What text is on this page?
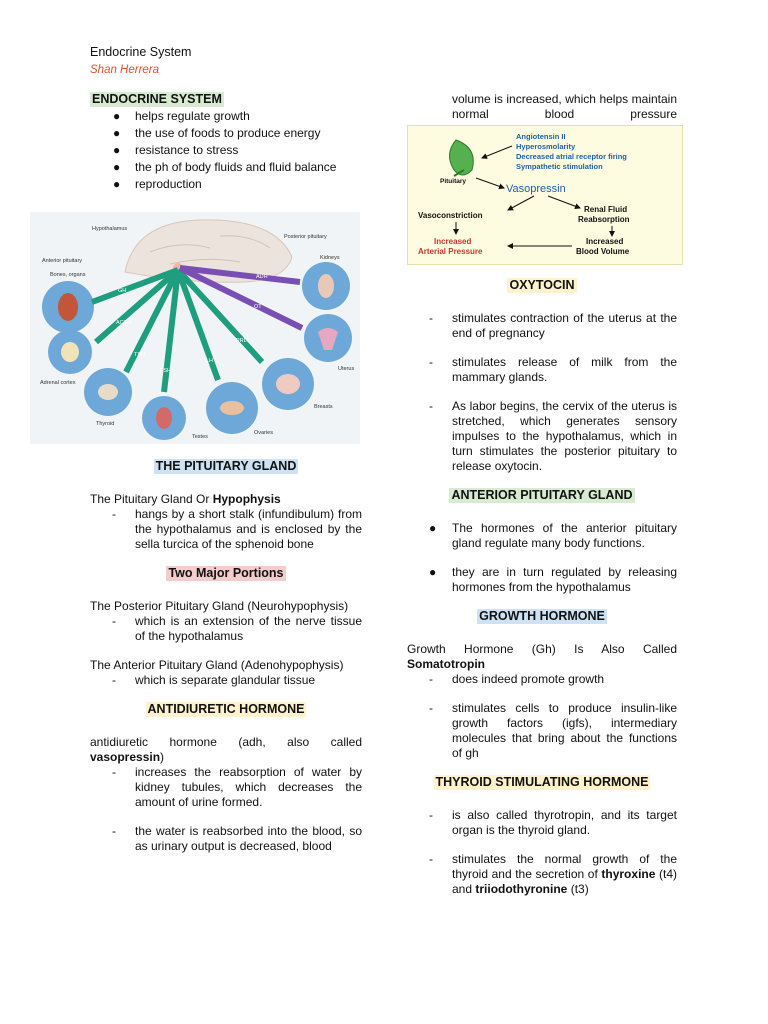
Endocrine System
Shan Herrera
ENDOCRINE SYSTEM
● helps regulate growth
● the use of foods to produce energy
● resistance to stress
● the ph of body fluids and fluid balance
● reproduction
THE PITUITARY GLAND
The Pituitary Gland Or Hypophysis
- hangs by a short stalk (infundibulum) from the hypothalamus and is enclosed by the sella turcica of the sphenoid bone
Two Major Portions
The Posterior Pituitary Gland (Neurohypophysis)
- which is an extension of the nerve tissue of the hypothalamus
The Anterior Pituitary Gland (Adenohypophysis)
- which is separate glandular tissue
ANTIDIURETIC HORMONE
antidiuretic hormone (adh, also called
vasopressin)
- increases the reabsorption of water by kidney tubules, which decreases the amount of urine formed.
- the water is reabsorbed into the blood, so as urinary output is decreased, blood
GH
ACTH
TSH
FSH
LH
PRL
ADH
OT
Hypothalamus
Anterior pituitary
Posterior pituitary
Bones, organs
Kidneys
Adrenal cortex
Uterus
Thyroid
Breasts
Testes
Ovaries
volume is increased, which helps maintain normal blood pressure
OXYTOCIN
- stimulates contraction of the uterus at the end of pregnancy
- stimulates release of milk from the mammary glands.
- As labor begins, the cervix of the uterus is stretched, which generates sensory impulses to the hypothalamus, which in turn stimulates the posterior pituitary to release oxytocin.
ANTERIOR PITUITARY GLAND
● The hormones of the anterior pituitary gland regulate many body functions.
● they are in turn regulated by releasing hormones from the hypothalamus
GROWTH HORMONE
Growth Hormone (Gh) Is Also Called
Somatotropin
- does indeed promote growth
- stimulates cells to produce insulin-like growth factors (igfs), intermediary molecules that bring about the functions of gh
THYROID STIMULATING HORMONE
- is also called thyrotropin, and its target organ is the thyroid gland.
- stimulates the normal growth of the thyroid and the secretion of thyroxine (t4) and triiodothyronine (t3)
Pituitary
Angiotensin II
Hyperosmolarity
Decreased atrial receptor firing
Sympathetic stimulation
Vasopressin
Vasoconstriction
Renal Fluid
Reabsorption
Increased
Arterial Pressure
Increased
Blood Volume
